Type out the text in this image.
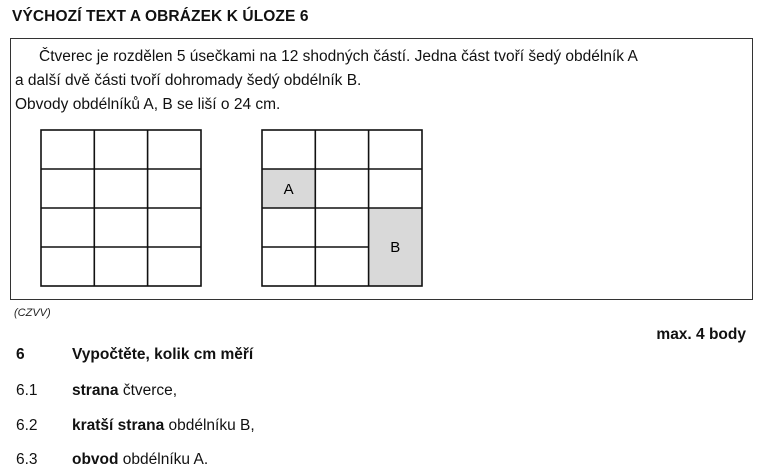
VÝCHOZÍ TEXT A OBRÁZEK K ÚLOZE 6

Čtverec je rozdělen 5 úsečkami na 12 shodných částí. Jedna část tvoří šedý obdélník A
a další dvě části tvoří dohromady šedý obdélník B.
Obvody obdélníků A, B se liší o 24 cm.

A
B
(CZVV)
max. 4 body
6	Vypočtěte, kolik cm měří
6.1 strana čtverce,
6.2 kratší strana obdélníku B,
6.3 obvod obdélníku A.
